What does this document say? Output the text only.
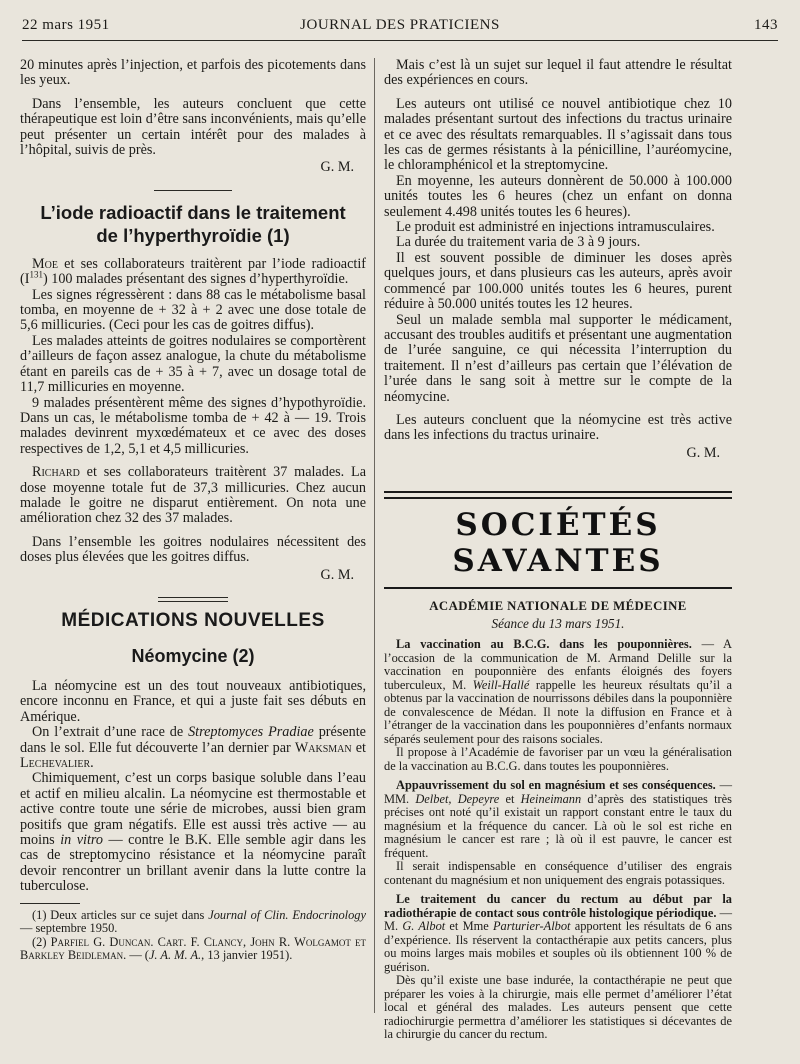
22 mars 1951	JOURNAL DES PRATICIENS	143

20 minutes après l’injection, et parfois des picotements dans les yeux.

Dans l’ensemble, les auteurs concluent que cette thérapeutique est loin d’être sans inconvénients, mais qu’elle peut présenter un certain intérêt pour des malades à l’hôpital, suivis de près.

G. M.
L’iode radioactif dans le traitement
de l’hyperthyroïdie (1)

Moe et ses collaborateurs traitèrent par l’iode radioactif $(I^{131})$ 100 malades présentant des signes d’hyperthyroïdie.

Les signes régressèrent : dans 88 cas le métabolisme basal tomba, en moyenne de + 32 à + 2 avec une dose totale de 5,6 millicuries. (Ceci pour les cas de goitres diffus).

Les malades atteints de goitres nodulaires se comportèrent d’ailleurs de façon assez analogue, la chute du métabolisme étant en pareils cas de + 35 à + 7, avec un dosage total de 11,7 millicuries en moyenne.

9 malades présentèrent même des signes d’hypothyroïdie. Dans un cas, le métabolisme tomba de + 42 à — 19. Trois malades devinrent myxœdémateux et ce avec des doses respectives de 1,2, 5,1 et 4,5 millicuries.

Richard et ses collaborateurs traitèrent 37 malades. La dose moyenne totale fut de 37,3 millicuries. Chez aucun malade le goitre ne disparut entièrement. On nota une amélioration chez 32 des 37 malades.

Dans l’ensemble les goitres nodulaires nécessitent des doses plus élevées que les goitres diffus.

G. M.
MÉDICATIONS NOUVELLES
Néomycine (2)

La néomycine est un des tout nouveaux antibiotiques, encore inconnu en France, et qui a juste fait ses débuts en Amérique.

On l’extrait d’une race de Streptomyces Pradiae présente dans le sol. Elle fut découverte l’an dernier par Waksman et Lechevalier.

Chimiquement, c’est un corps basique soluble dans l’eau et actif en milieu alcalin. La néomycine est thermostable et active contre toute une série de microbes, aussi bien gram positifs que gram négatifs. Elle est aussi très active — au moins in vitro — contre le B.K. Elle semble agir dans les cas de streptomycino résistance et la néomycine paraît devoir rencontrer un brillant avenir dans la lutte contre la tuberculose.

(1) Deux articles sur ce sujet dans Journal of Clin. Endocrinology — septembre 1950.

(2) Parfiel G. Duncan. Cart. F. Clancy, John R. Wolgamot et Barkley Beidleman. — (J. A. M. A., 13 janvier 1951).

Mais c’est là un sujet sur lequel il faut attendre le résultat des expériences en cours.

Les auteurs ont utilisé ce nouvel antibiotique chez 10 malades présentant surtout des infections du tractus urinaire et ce avec des résultats remarquables. Il s’agissait dans tous les cas de germes résistants à la pénicilline, l’auréomycine, le chloramphénicol et la streptomycine.

En moyenne, les auteurs donnèrent de 50.000 à 100.000 unités toutes les 6 heures (chez un enfant on donna seulement 4.498 unités toutes les 6 heures).

Le produit est administré en injections intramusculaires.

La durée du traitement varia de 3 à 9 jours.

Il est souvent possible de diminuer les doses après quelques jours, et dans plusieurs cas les auteurs, après avoir commencé par 100.000 unités toutes les 6 heures, purent réduire à 50.000 unités toutes les 12 heures.

Seul un malade sembla mal supporter le médicament, accusant des troubles auditifs et présentant une augmentation de l’urée sanguine, ce qui nécessita l’interruption du traitement. Il n’est d’ailleurs pas certain que l’élévation de l’urée dans le sang soit à mettre sur le compte de la néomycine.

Les auteurs concluent que la néomycine est très active dans les infections du tractus urinaire.

G. M.
SOCIÉTÉS SAVANTES
ACADÉMIE NATIONALE DE MÉDECINE
Séance du 13 mars 1951.

La vaccination au B.C.G. dans les pouponnières. — A l’occasion de la communication de M. Armand Delille sur la vaccination en pouponnière des enfants éloignés des foyers tuberculeux, M. Weill-Hallé rappelle les heureux résultats qu’il a obtenus par la vaccination de nourrissons débiles dans la pouponnière de convalescence de Médan. Il note la diffusion en France et à l’étranger de la vaccination dans les pouponnières d’enfants normaux séparés seulement pour des raisons sociales.

Il propose à l’Académie de favoriser par un vœu la généralisation de la vaccination au B.C.G. dans toutes les pouponnières.

Appauvrissement du sol en magnésium et ses conséquences. — MM. Delbet, Depeyre et Heineimann d’après des statistiques très précises ont noté qu’il existait un rapport constant entre le taux du magnésium et la fréquence du cancer. Là où le sol est riche en magnésium le cancer est rare ; là où il est pauvre, le cancer est fréquent.

Il serait indispensable en conséquence d’utiliser des engrais contenant du magnésium et non uniquement des engrais potassiques.

Le traitement du cancer du rectum au début par la radiothérapie de contact sous contrôle histologique périodique. — M. G. Albot et Mme Parturier-Albot apportent les résultats de 6 ans d’expérience. Ils réservent la contacthérapie aux petits cancers, plus ou moins larges mais mobiles et souples où ils obtiennent 100 % de guérison.

Dès qu’il existe une base indurée, la contacthérapie ne peut que préparer les voies à la chirurgie, mais elle permet d’améliorer l’état local et général des malades. Les auteurs pensent que cette radiochirurgie permettra d’améliorer les statistiques si décevantes de la chirurgie du cancer du rectum.
